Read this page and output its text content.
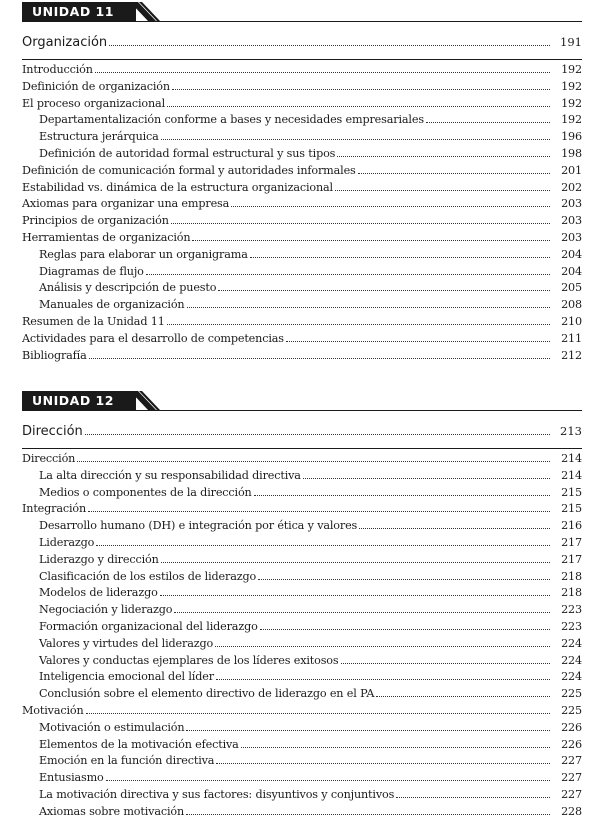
UNIDAD 11
Organización	191
Introducción	192
Definición de organización	192
El proceso organizacional	192
Departamentalización conforme a bases y necesidades empresariales	192
Estructura jerárquica	196
Definición de autoridad formal estructural y sus tipos	198
Definición de comunicación formal y autoridades informales	201
Estabilidad vs. dinámica de la estructura organizacional	202
Axiomas para organizar una empresa	203
Principios de organización	203
Herramientas de organización	203
Reglas para elaborar un organigrama	204
Diagramas de flujo	204
Análisis y descripción de puesto	205
Manuales de organización	208
Resumen de la Unidad 11	210
Actividades para el desarrollo de competencias	211
Bibliografía	212
UNIDAD 12
Dirección	213
Dirección	214
La alta dirección y su responsabilidad directiva	214
Medios o componentes de la dirección	215
Integración	215
Desarrollo humano (DH) e integración por ética y valores	216
Liderazgo	217
Liderazgo y dirección	217
Clasificación de los estilos de liderazgo	218
Modelos de liderazgo	218
Negociación y liderazgo	223
Formación organizacional del liderazgo	223
Valores y virtudes del liderazgo	224
Valores y conductas ejemplares de los líderes exitosos	224
Inteligencia emocional del líder	224
Conclusión sobre el elemento directivo de liderazgo en el PA	225
Motivación	225
Motivación o estimulación	226
Elementos de la motivación efectiva	226
Emoción en la función directiva	227
Entusiasmo	227
La motivación directiva y sus factores: disyuntivos y conjuntivos	227
Axiomas sobre motivación	228
